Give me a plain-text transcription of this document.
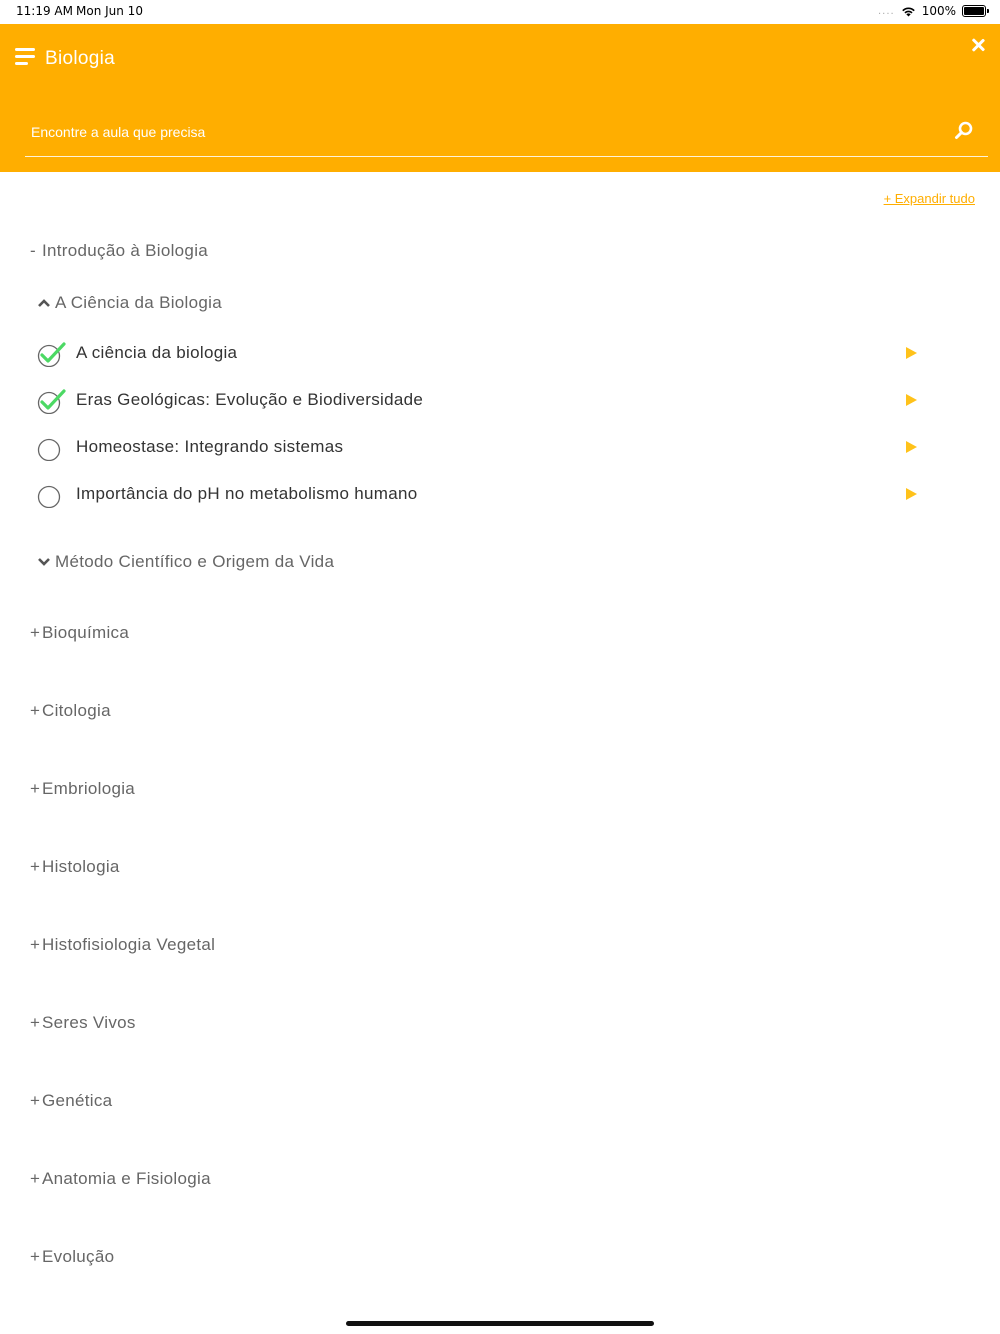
11:19 AM Mon Jun 10	.... 100%
Biologia
Encontre a aula que precisa
+ Expandir tudo
- Introdução à Biologia
A Ciência da Biologia
A ciência da biologia
Eras Geológicas: Evolução e Biodiversidade
Homeostase: Integrando sistemas
Importância do pH no metabolismo humano
Método Científico e Origem da Vida
+ Bioquímica
+ Citologia
+ Embriologia
+ Histologia
+ Histofisiologia Vegetal
+ Seres Vivos
+ Genética
+ Anatomia e Fisiologia
+ Evolução
